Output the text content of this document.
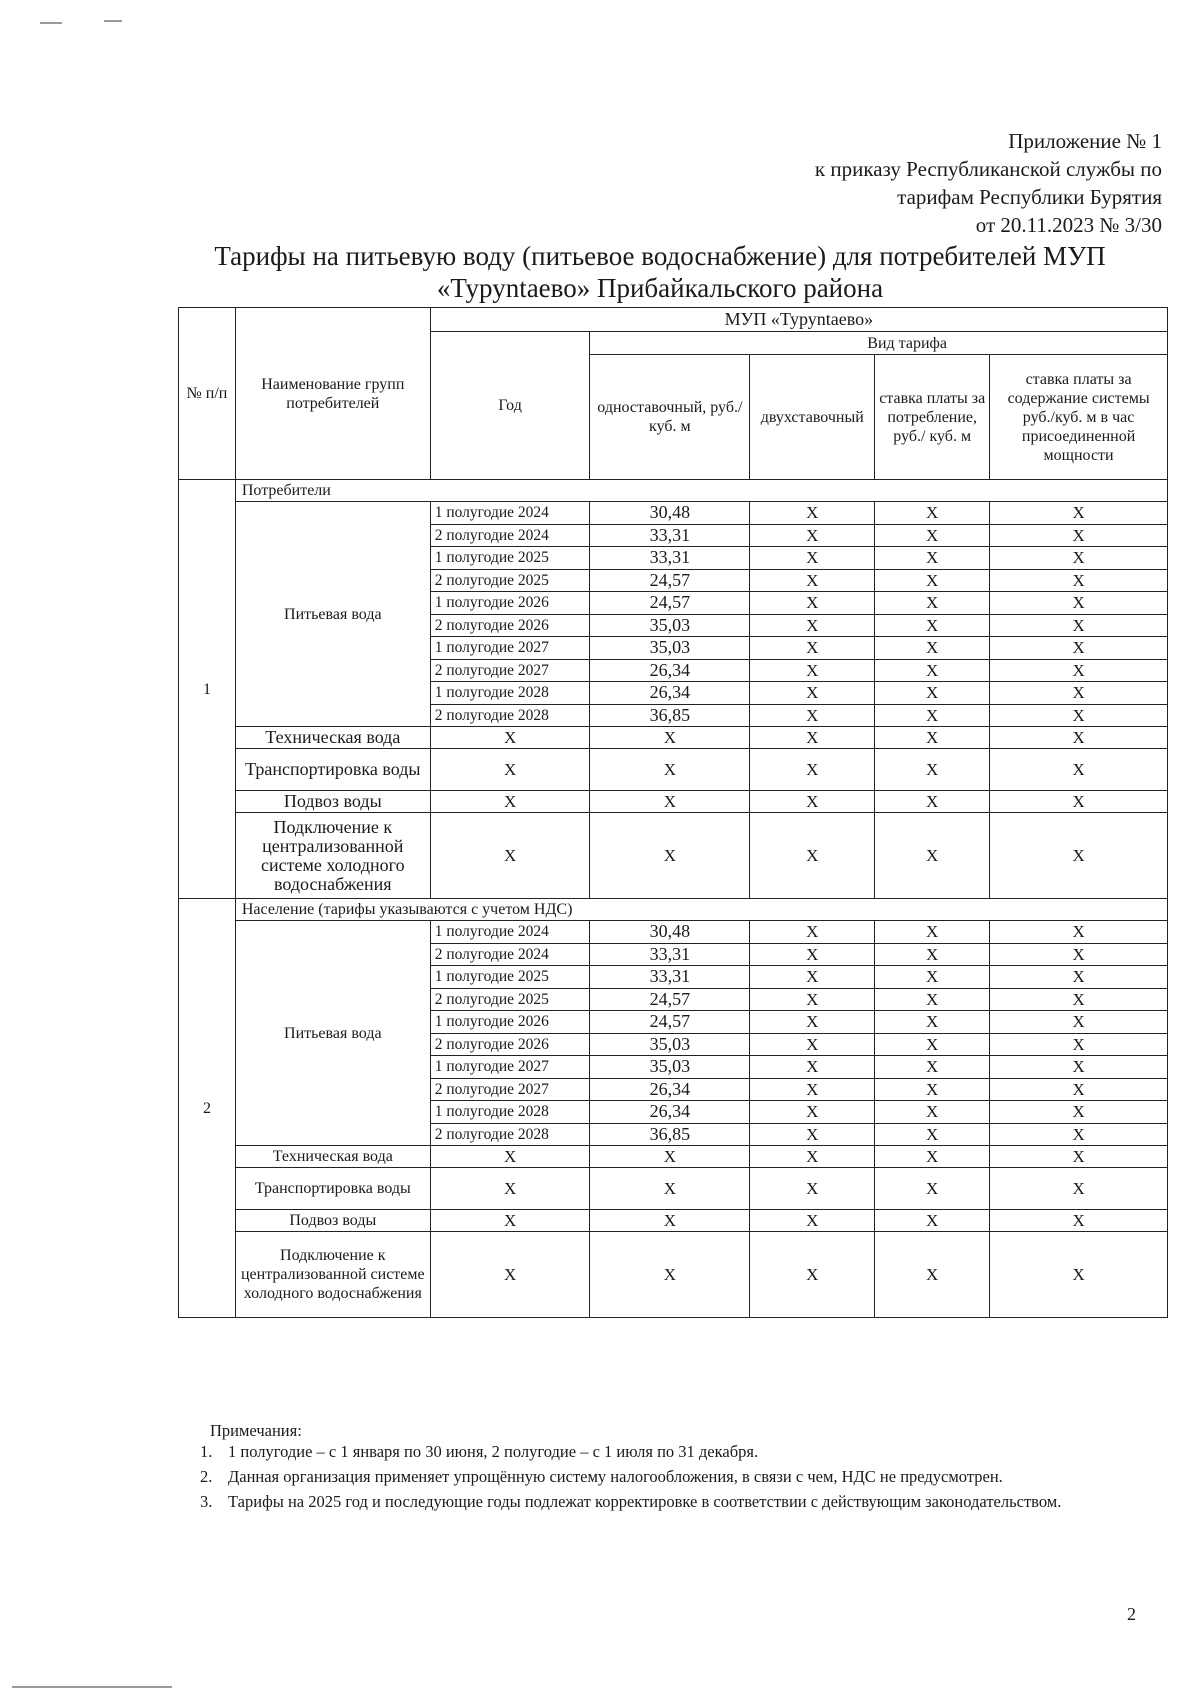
Приложение № 1
к приказу Республиканской службы по
тарифам Республики Бурятия
от 20.11.2023 № 3/30
Тарифы на питьевую воду (питьевое водоснабжение) для потребителей МУП
«Туруntaево» Прибайкальского района
№ п/п	Наименование групп потребителей	МУП «Туруntaево»				
		Год	Вид тарифа			
			одноставочный, руб./ куб. м	двухставочный	ставка платы за потребление, руб./ куб. м	ставка платы за содержание системы руб./куб. м в час присоединенной мощности
1	Потребители					
	Питьевая вода	1 полугодие 2024	30,48	X	X	X
		2 полугодие 2024	33,31	X	X	X
		1 полугодие 2025	33,31	X	X	X
		2 полугодие 2025	24,57	X	X	X
		1 полугодие 2026	24,57	X	X	X
		2 полугодие 2026	35,03	X	X	X
		1 полугодие 2027	35,03	X	X	X
		2 полугодие 2027	26,34	X	X	X
		1 полугодие 2028	26,34	X	X	X
		2 полугодие 2028	36,85	X	X	X
	Техническая вода	X	X	X	X	X
	Транспортировка воды	X	X	X	X	X
	Подвоз воды	X	X	X	X	X
	Подключение к централизованной системе холодного водоснабжения	X	X	X	X	X
2	Население (тарифы указываются с учетом НДС)					
	Питьевая вода	1 полугодие 2024	30,48	X	X	X
		2 полугодие 2024	33,31	X	X	X
		1 полугодие 2025	33,31	X	X	X
		2 полугодие 2025	24,57	X	X	X
		1 полугодие 2026	24,57	X	X	X
		2 полугодие 2026	35,03	X	X	X
		1 полугодие 2027	35,03	X	X	X
		2 полугодие 2027	26,34	X	X	X
		1 полугодие 2028	26,34	X	X	X
		2 полугодие 2028	36,85	X	X	X
	Техническая вода	X	X	X	X	X
	Транспортировка воды	X	X	X	X	X
	Подвоз воды	X	X	X	X	X
	Подключение к централизованной системе холодного водоснабжения	X	X	X	X	X
Примечания:
1. 1 полугодие – с 1 января по 30 июня, 2 полугодие – с 1 июля по 31 декабря.
2. Данная организация применяет упрощённую систему налогообложения, в связи с чем, НДС не предусмотрен.
3. Тарифы на 2025 год и последующие годы подлежат корректировке в соответствии с действующим законодательством.
2
